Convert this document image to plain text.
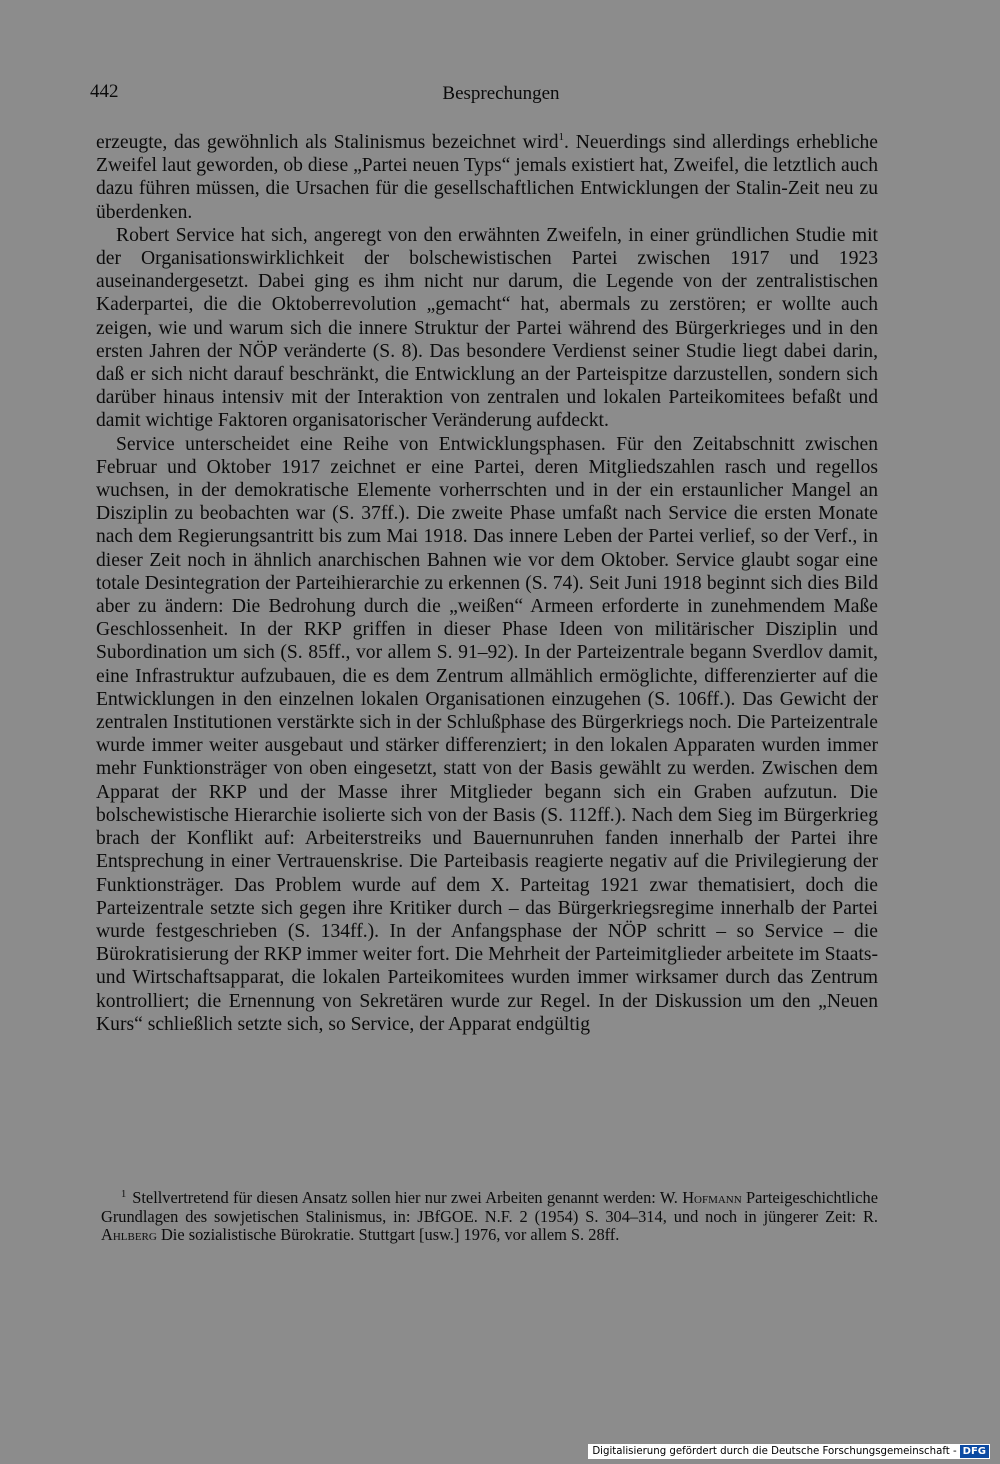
442	Besprechungen

erzeugte, das gewöhnlich als Stalinismus bezeichnet wird$^1$. Neuerdings sind allerdings erhebliche Zweifel laut geworden, ob diese „Partei neuen Typs“ jemals existiert hat, Zweifel, die letztlich auch dazu führen müssen, die Ursachen für die gesellschaftlichen Entwicklungen der Stalin-Zeit neu zu überdenken.

Robert Service hat sich, angeregt von den erwähnten Zweifeln, in einer gründlichen Studie mit der Organisationswirklichkeit der bolschewistischen Partei zwischen 1917 und 1923 auseinandergesetzt. Dabei ging es ihm nicht nur darum, die Legende von der zentralistischen Kaderpartei, die die Oktoberrevolution „gemacht“ hat, abermals zu zerstören; er wollte auch zeigen, wie und warum sich die innere Struktur der Partei während des Bürgerkrieges und in den ersten Jahren der NÖP veränderte (S. 8). Das besondere Verdienst seiner Studie liegt dabei darin, daß er sich nicht darauf beschränkt, die Entwicklung an der Parteispitze darzustellen, sondern sich darüber hinaus intensiv mit der Interaktion von zentralen und lokalen Parteikomitees befaßt und damit wichtige Faktoren organisatorischer Veränderung aufdeckt.

Service unterscheidet eine Reihe von Entwicklungsphasen. Für den Zeitabschnitt zwischen Februar und Oktober 1917 zeichnet er eine Partei, deren Mitgliedszahlen rasch und regellos wuchsen, in der demokratische Elemente vorherrschten und in der ein erstaunlicher Mangel an Disziplin zu beobachten war (S. 37ff.). Die zweite Phase umfaßt nach Service die ersten Monate nach dem Regierungsantritt bis zum Mai 1918. Das innere Leben der Partei verlief, so der Verf., in dieser Zeit noch in ähnlich anarchischen Bahnen wie vor dem Oktober. Service glaubt sogar eine totale Desintegration der Parteihierarchie zu erkennen (S. 74). Seit Juni 1918 beginnt sich dies Bild aber zu ändern: Die Bedrohung durch die „weißen“ Armeen erforderte in zunehmendem Maße Geschlossenheit. In der RKP griffen in dieser Phase Ideen von militärischer Disziplin und Subordination um sich (S. 85ff., vor allem S. 91–92). In der Parteizentrale begann Sverdlov damit, eine Infrastruktur aufzubauen, die es dem Zentrum allmählich ermöglichte, differenzierter auf die Entwicklungen in den einzelnen lokalen Organisationen einzugehen (S. 106ff.). Das Gewicht der zentralen Institutionen verstärkte sich in der Schlußphase des Bürgerkriegs noch. Die Parteizentrale wurde immer weiter ausgebaut und stärker differenziert; in den lokalen Apparaten wurden immer mehr Funktionsträger von oben eingesetzt, statt von der Basis gewählt zu werden. Zwischen dem Apparat der RKP und der Masse ihrer Mitglieder begann sich ein Graben aufzutun. Die bolschewistische Hierarchie isolierte sich von der Basis (S. 112ff.). Nach dem Sieg im Bürgerkrieg brach der Konflikt auf: Arbeiterstreiks und Bauernunruhen fanden innerhalb der Partei ihre Entsprechung in einer Vertrauenskrise. Die Parteibasis reagierte negativ auf die Privilegierung der Funktionsträger. Das Problem wurde auf dem X. Parteitag 1921 zwar thematisiert, doch die Parteizentrale setzte sich gegen ihre Kritiker durch – das Bürgerkriegsregime innerhalb der Partei wurde festgeschrieben (S. 134ff.). In der Anfangsphase der NÖP schritt – so Service – die Bürokratisierung der RKP immer weiter fort. Die Mehrheit der Parteimitglieder arbeitete im Staats- und Wirtschaftsapparat, die lokalen Parteikomitees wurden immer wirksamer durch das Zentrum kontrolliert; die Ernennung von Sekretären wurde zur Regel. In der Diskussion um den „Neuen Kurs“ schließlich setzte sich, so Service, der Apparat endgültig

$^1$ Stellvertretend für diesen Ansatz sollen hier nur zwei Arbeiten genannt werden: W. Hofmann Parteigeschichtliche Grundlagen des sowjetischen Stalinismus, in: JBfGOE. N.F. 2 (1954) S. 304–314, und noch in jüngerer Zeit: R. Ahlberg Die sozialistische Bürokratie. Stuttgart [usw.] 1976, vor allem S. 28ff.

Digitalisierung gefördert durch die Deutsche Forschungsgemeinschaft - DFG
